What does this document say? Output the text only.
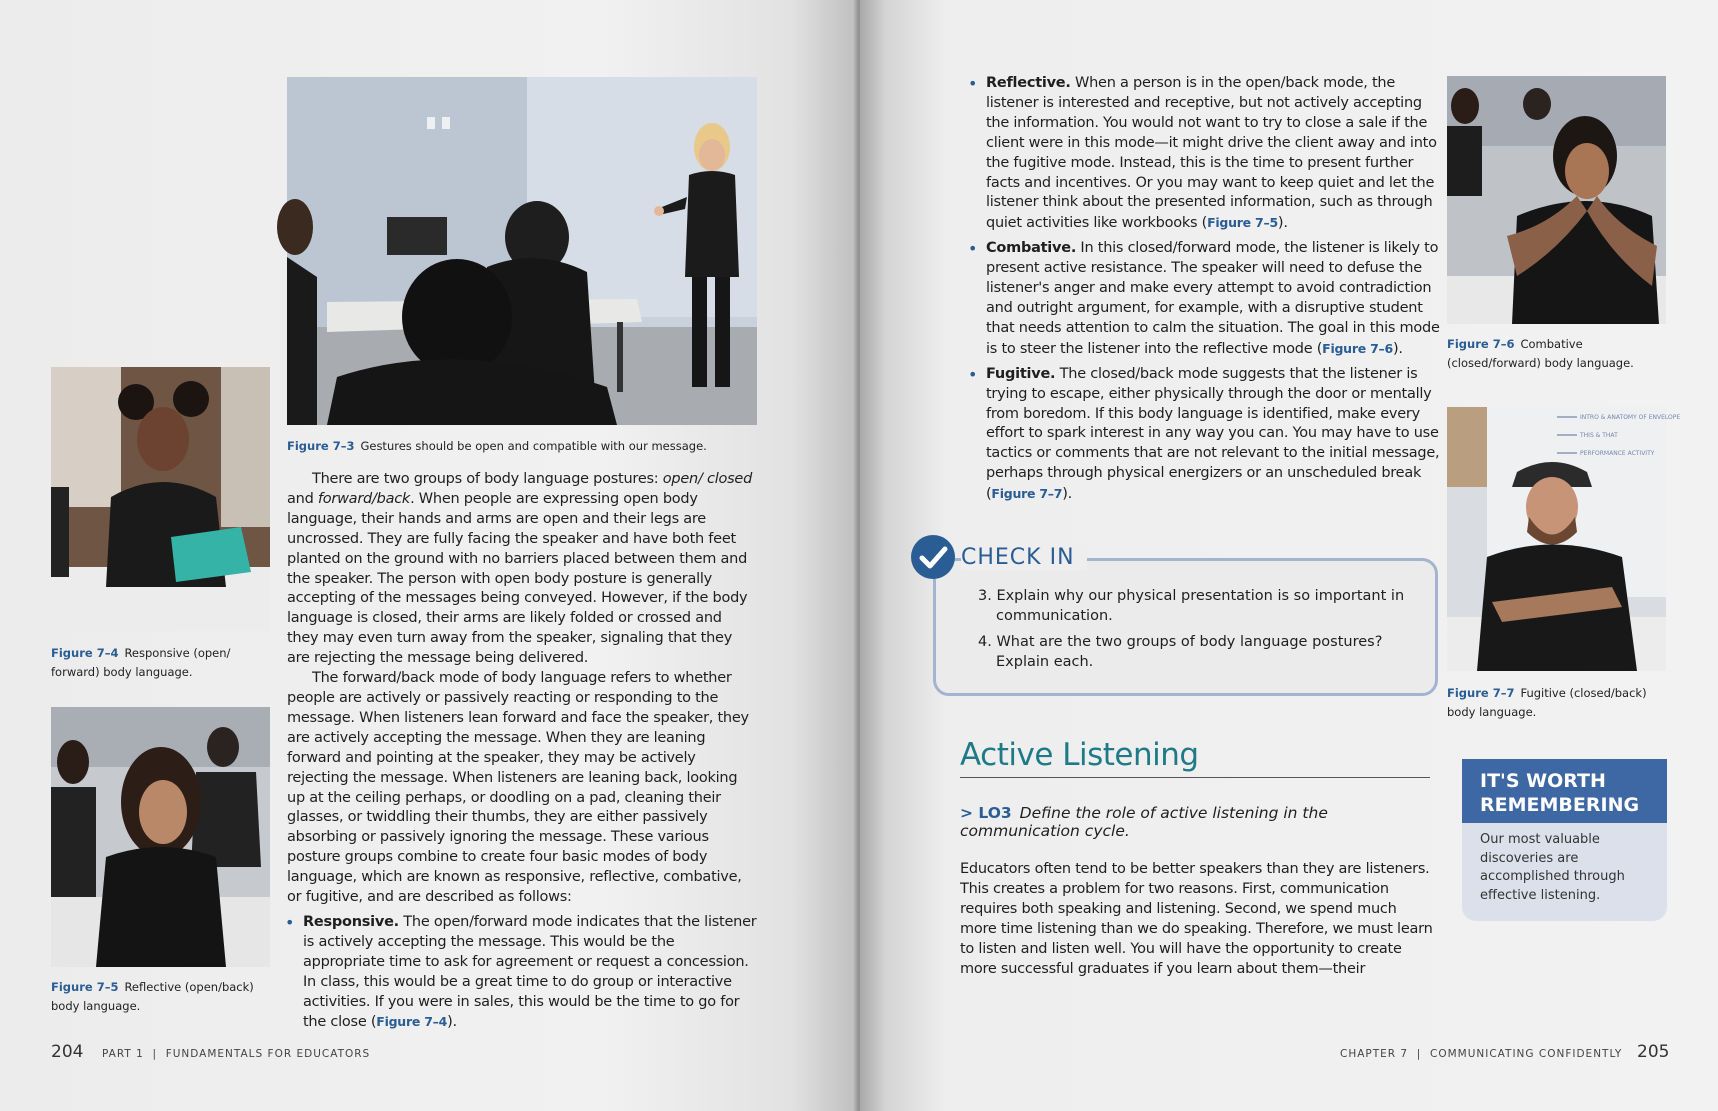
Figure 7–3 Gestures should be open and compatible with our message.
Figure 7–4 Responsive (open/ forward) body language.
Figure 7–5 Reflective (open/back) body language.

There are two groups of body language postures: open/ closed and forward/back. When people are expressing open body language, their hands and arms are open and their legs are uncrossed. They are fully facing the speaker and have both feet planted on the ground with no barriers placed between them and the speaker. The person with open body posture is generally accepting of the messages being conveyed. However, if the body language is closed, their arms are likely folded or crossed and they may even turn away from the speaker, signaling that they are rejecting the message being delivered.

The forward/back mode of body language refers to whether people are actively or passively reacting or responding to the message. When listeners lean forward and face the speaker, they are actively accepting the message. When they are leaning forward and pointing at the speaker, they may be actively rejecting the message. When listeners are leaning back, looking up at the ceiling perhaps, or doodling on a pad, cleaning their glasses, or twiddling their thumbs, they are either passively absorbing or passively ignoring the message. These various posture groups combine to create four basic modes of body language, which are known as responsive, reflective, combative, or fugitive, and are described as follows:

• Responsive. The open/forward mode indicates that the listener is actively accepting the message. This would be the appropriate time to ask for agreement or request a concession. In class, this would be a great time to do group or interactive activities. If you were in sales, this would be the time to go for the close (Figure 7–4).
204 PART 1  |  FUNDAMENTALS FOR EDUCATORS
• Reflective. When a person is in the open/back mode, the listener is interested and receptive, but not actively accepting the information. You would not want to try to close a sale if the client were in this mode—it might drive the client away and into the fugitive mode. Instead, this is the time to present further facts and incentives. Or you may want to keep quiet and let the listener think about the presented information, such as through quiet activities like workbooks (Figure 7–5).
• Combative. In this closed/forward mode, the listener is likely to present active resistance. The speaker will need to defuse the listener's anger and make every attempt to avoid contradiction and outright argument, for example, with a disruptive student that needs attention to calm the situation. The goal in this mode is to steer the listener into the reflective mode (Figure 7–6).
• Fugitive. The closed/back mode suggests that the listener is trying to escape, either physically through the door or mentally from boredom. If this body language is identified, make every effort to spark interest in any way you can. You may have to use tactics or comments that are not relevant to the initial message, perhaps through physical energizers or an unscheduled break (Figure 7–7).
Figure 7–6 Combative (closed/forward) body language.
INTRO & ANATOMY OF ENVELOPE
THIS & THAT
PERFORMANCE ACTIVITY
Figure 7–7 Fugitive (closed/back) body language.
CHECK IN
3. Explain why our physical presentation is so important in communication.
4. What are the two groups of body language postures? Explain each.
Active Listening
> LO3 Define the role of active listening in the communication cycle.
Educators often tend to be better speakers than they are listeners. This creates a problem for two reasons. First, communication requires both speaking and listening. Second, we spend much more time listening than we do speaking. Therefore, we must learn to listen and listen well. You will have the opportunity to create more successful graduates if you learn about them—their
IT'S WORTH REMEMBERING
Our most valuable discoveries are accomplished through effective listening.
205
CHAPTER 7  |  COMMUNICATING CONFIDENTLY
